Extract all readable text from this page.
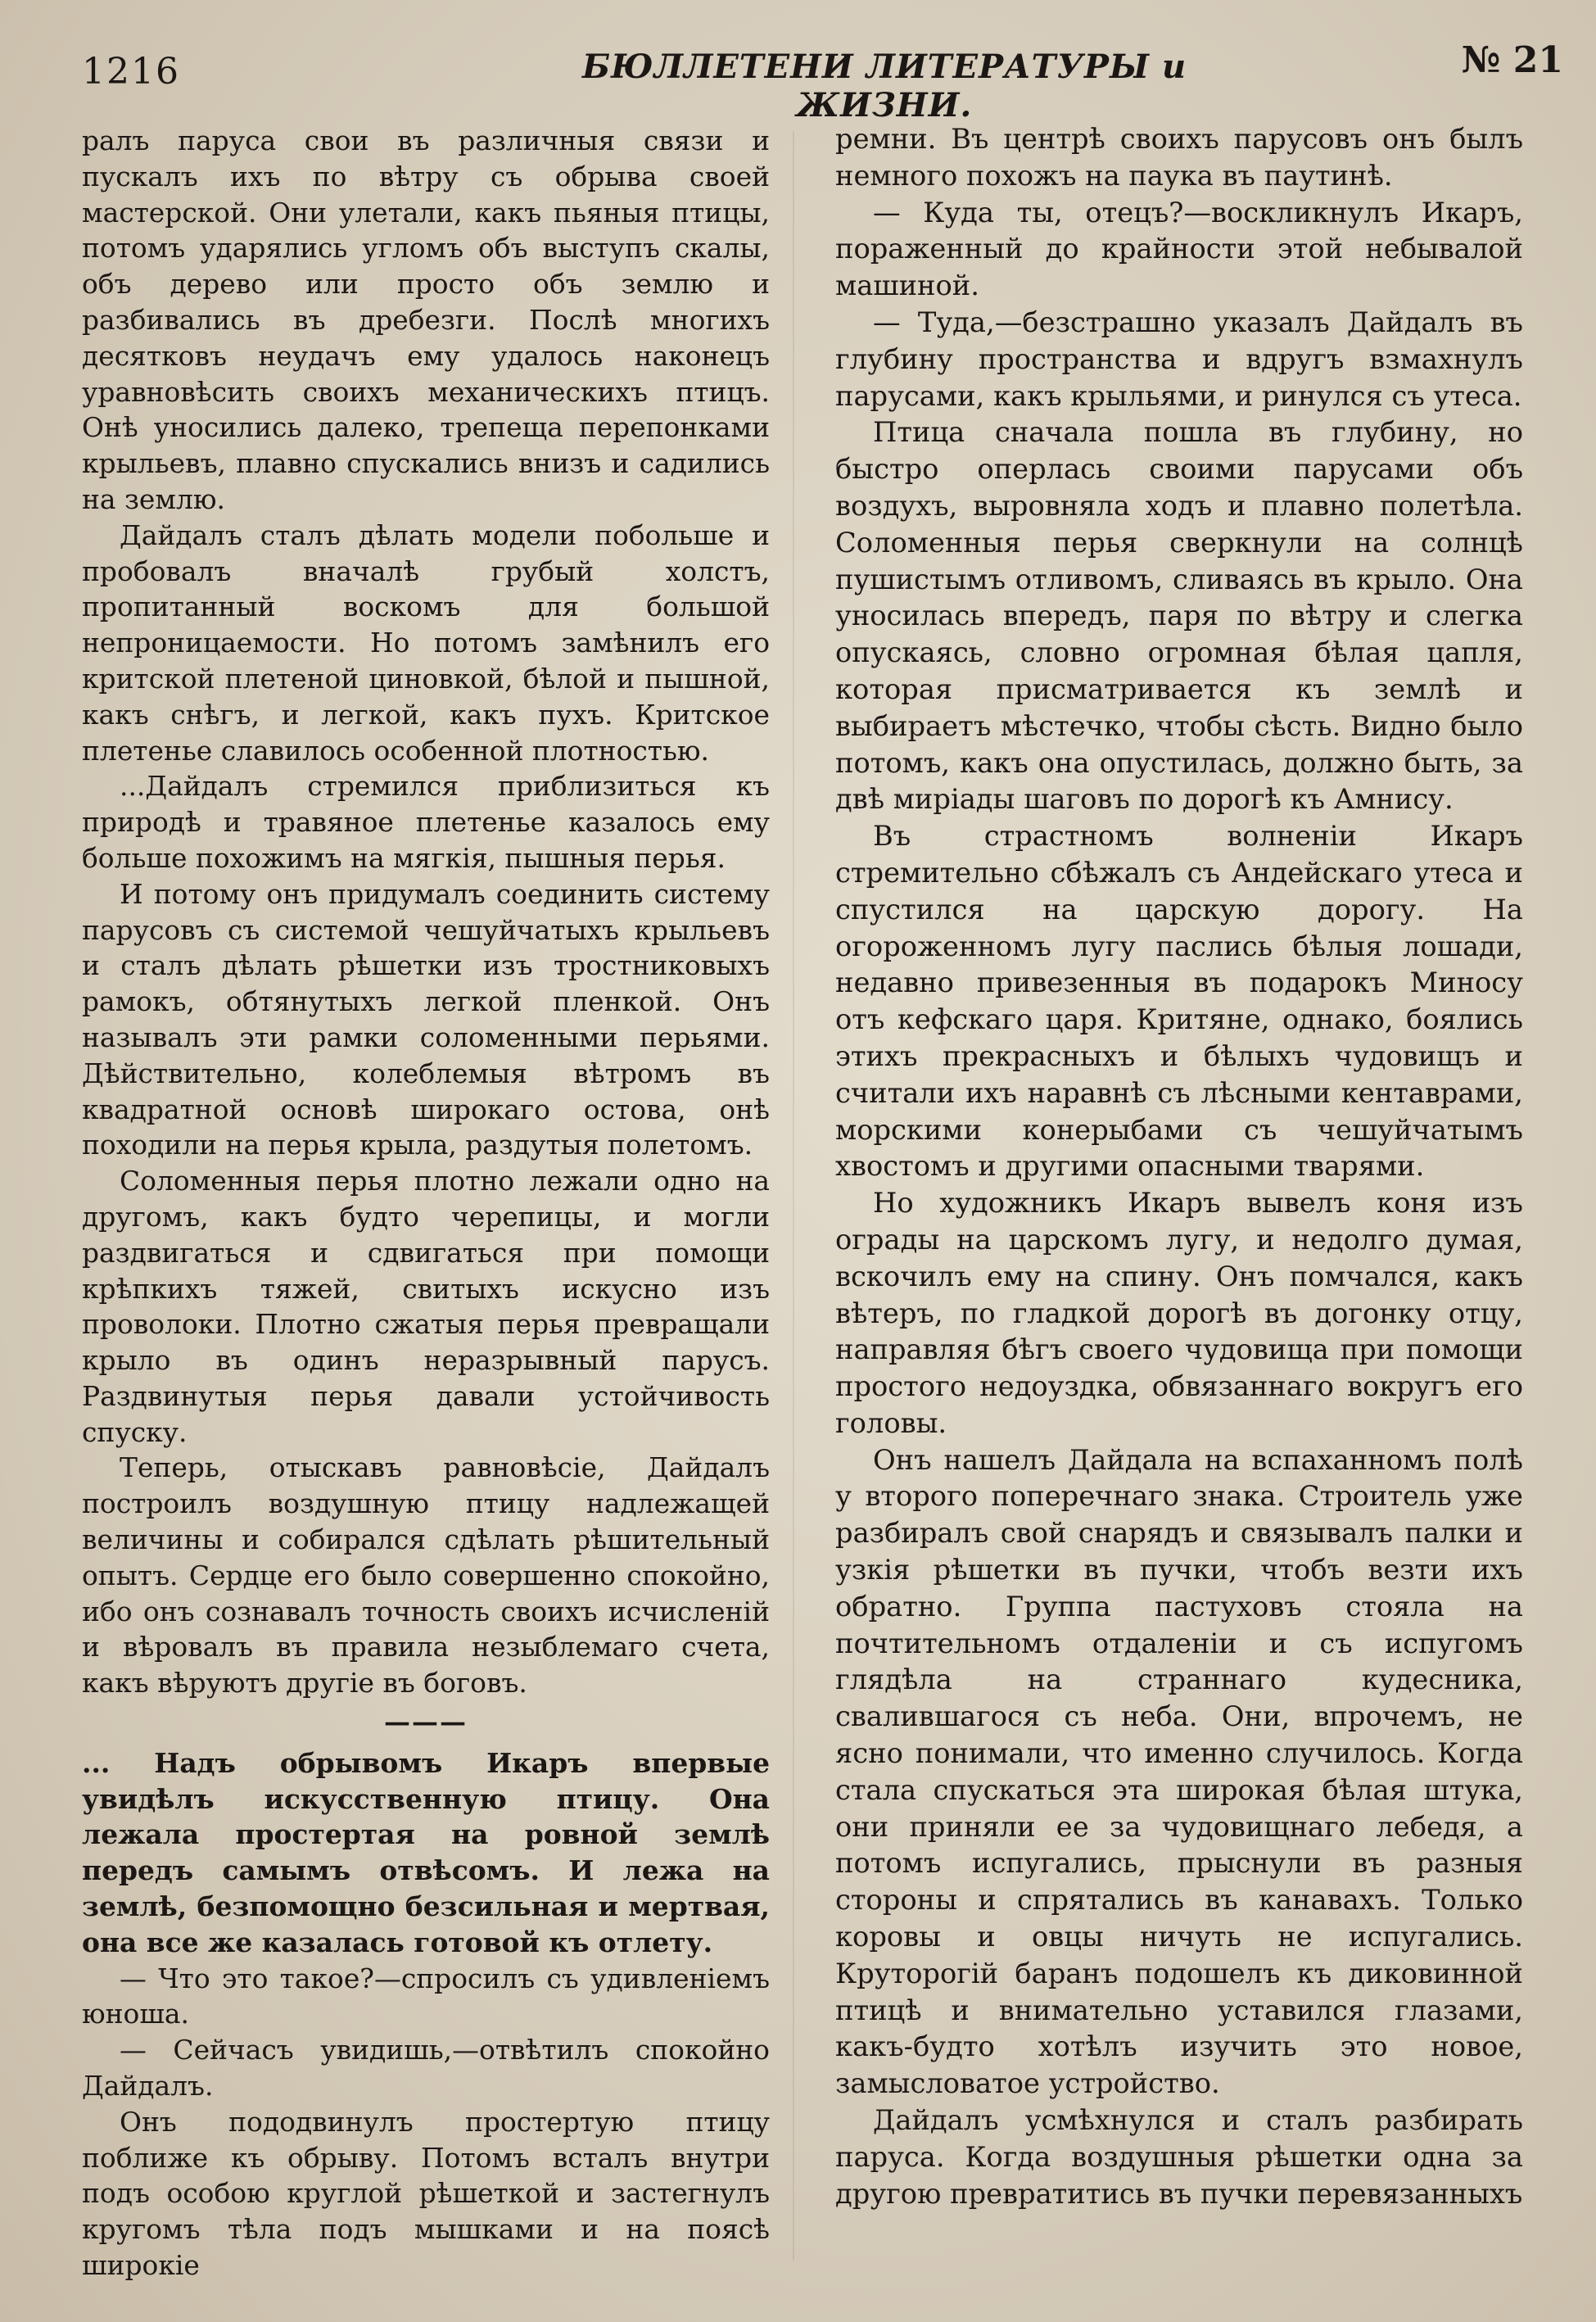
1216	БЮЛЛЕТЕНИ ЛИТЕРАТУРЫ и ЖИЗНИ.
№ 21

ралъ паруса свои въ различныя связи и пускалъ ихъ по вѣтру съ обрыва своей мастерской. Они улетали, какъ пьяныя птицы, потомъ ударялись угломъ объ выступъ скалы, объ дерево или просто объ землю и разбивались въ дребезги. Послѣ многихъ десятковъ неудачъ ему удалось наконецъ уравновѣсить своихъ механическихъ птицъ. Онѣ уносились далеко, трепеща перепонками крыльевъ, плавно спускались внизъ и садились на землю.

Дайдалъ сталъ дѣлать модели побольше и пробовалъ вначалѣ грубый холстъ, пропитанный воскомъ для большой непроницаемости. Но потомъ замѣнилъ его критской плетеной циновкой, бѣлой и пышной, какъ снѣгъ, и легкой, какъ пухъ. Критское плетенье славилось особенной плотностью.

...Дайдалъ стремился приблизиться къ природѣ и травяное плетенье казалось ему больше похожимъ на мягкія, пышныя перья.

И потому онъ придумалъ соединить систему парусовъ съ системой чешуйчатыхъ крыльевъ и сталъ дѣлать рѣшетки изъ тростниковыхъ рамокъ, обтянутыхъ легкой пленкой. Онъ называлъ эти рамки соломенными перьями. Дѣйствительно, колеблемыя вѣтромъ въ квадратной основѣ широкаго остова, онѣ походили на перья крыла, раздутыя полетомъ.

Соломенныя перья плотно лежали одно на другомъ, какъ будто черепицы, и могли раздвигаться и сдвигаться при помощи крѣпкихъ тяжей, свитыхъ искусно изъ проволоки. Плотно сжатыя перья превращали крыло въ одинъ неразрывный парусъ. Раздвинутыя перья давали устойчивость спуску.

Теперь, отыскавъ равновѣсіе, Дайдалъ построилъ воздушную птицу надлежащей величины и собирался сдѣлать рѣшительный опытъ. Сердце его было совершенно спокойно, ибо онъ сознавалъ точность своихъ исчисленій и вѣровалъ въ правила незыблемаго счета, какъ вѣруютъ другіе въ боговъ.

———

... Надъ обрывомъ Икаръ впервые увидѣлъ искусственную птицу. Она лежала простертая на ровной землѣ передъ самымъ отвѣсомъ. И лежа на землѣ, безпомощно безсильная и мертвая, она все же казалась готовой къ отлету.

— Что это такое?—спросилъ съ удивленіемъ юноша.

— Сейчасъ увидишь,—отвѣтилъ спокойно Дайдалъ.

Онъ пододвинулъ простертую птицу поближе къ обрыву. Потомъ всталъ внутри подъ особою круглой рѣшеткой и застегнулъ кругомъ тѣла подъ мышками и на поясѣ широкіе

ремни. Въ центрѣ своихъ парусовъ онъ былъ немного похожъ на паука въ паутинѣ.

— Куда ты, отецъ?—воскликнулъ Икаръ, пораженный до крайности этой небывалой машиной.

— Туда,—безстрашно указалъ Дайдалъ въ глубину пространства и вдругъ взмахнулъ парусами, какъ крыльями, и ринулся съ утеса.

Птица сначала пошла въ глубину, но быстро оперлась своими парусами объ воздухъ, выровняла ходъ и плавно полетѣла. Соломенныя перья сверкнули на солнцѣ пушистымъ отливомъ, сливаясь въ крыло. Она уносилась впередъ, паря по вѣтру и слегка опускаясь, словно огромная бѣлая цапля, которая присматривается къ землѣ и выбираетъ мѣстечко, чтобы сѣсть. Видно было потомъ, какъ она опустилась, должно быть, за двѣ миріады шаговъ по дорогѣ къ Амнису.

Въ страстномъ волненіи Икаръ стремительно сбѣжалъ съ Андейскаго утеса и спустился на царскую дорогу. На огороженномъ лугу паслись бѣлыя лошади, недавно привезенныя въ подарокъ Миносу отъ кефскаго царя. Критяне, однако, боялись этихъ прекрасныхъ и бѣлыхъ чудовищъ и считали ихъ наравнѣ съ лѣсными кентаврами, морскими конерыбами съ чешуйчатымъ хвостомъ и другими опасными тварями.

Но художникъ Икаръ вывелъ коня изъ ограды на царскомъ лугу, и недолго думая, вскочилъ ему на спину. Онъ помчался, какъ вѣтеръ, по гладкой дорогѣ въ догонку отцу, направляя бѣгъ своего чудовища при помощи простого недоуздка, обвязаннаго вокругъ его головы.

Онъ нашелъ Дайдала на вспаханномъ полѣ у второго поперечнаго знака. Строитель уже разбиралъ свой снарядъ и связывалъ палки и узкія рѣшетки въ пучки, чтобъ везти ихъ обратно. Группа пастуховъ стояла на почтительномъ отдаленіи и съ испугомъ глядѣла на страннаго кудесника, свалившагося съ неба. Они, впрочемъ, не ясно понимали, что именно случилось. Когда стала спускаться эта широкая бѣлая штука, они приняли ее за чудовищнаго лебедя, а потомъ испугались, прыснули въ разныя стороны и спрятались въ канавахъ. Только коровы и овцы ничуть не испугались. Круторогій баранъ подошелъ къ диковинной птицѣ и внимательно уставился глазами, какъ-будто хотѣлъ изучить это новое, замысловатое устройство.

Дайдалъ усмѣхнулся и сталъ разбирать паруса. Когда воздушныя рѣшетки одна за другою превратитись въ пучки перевязанныхъ
